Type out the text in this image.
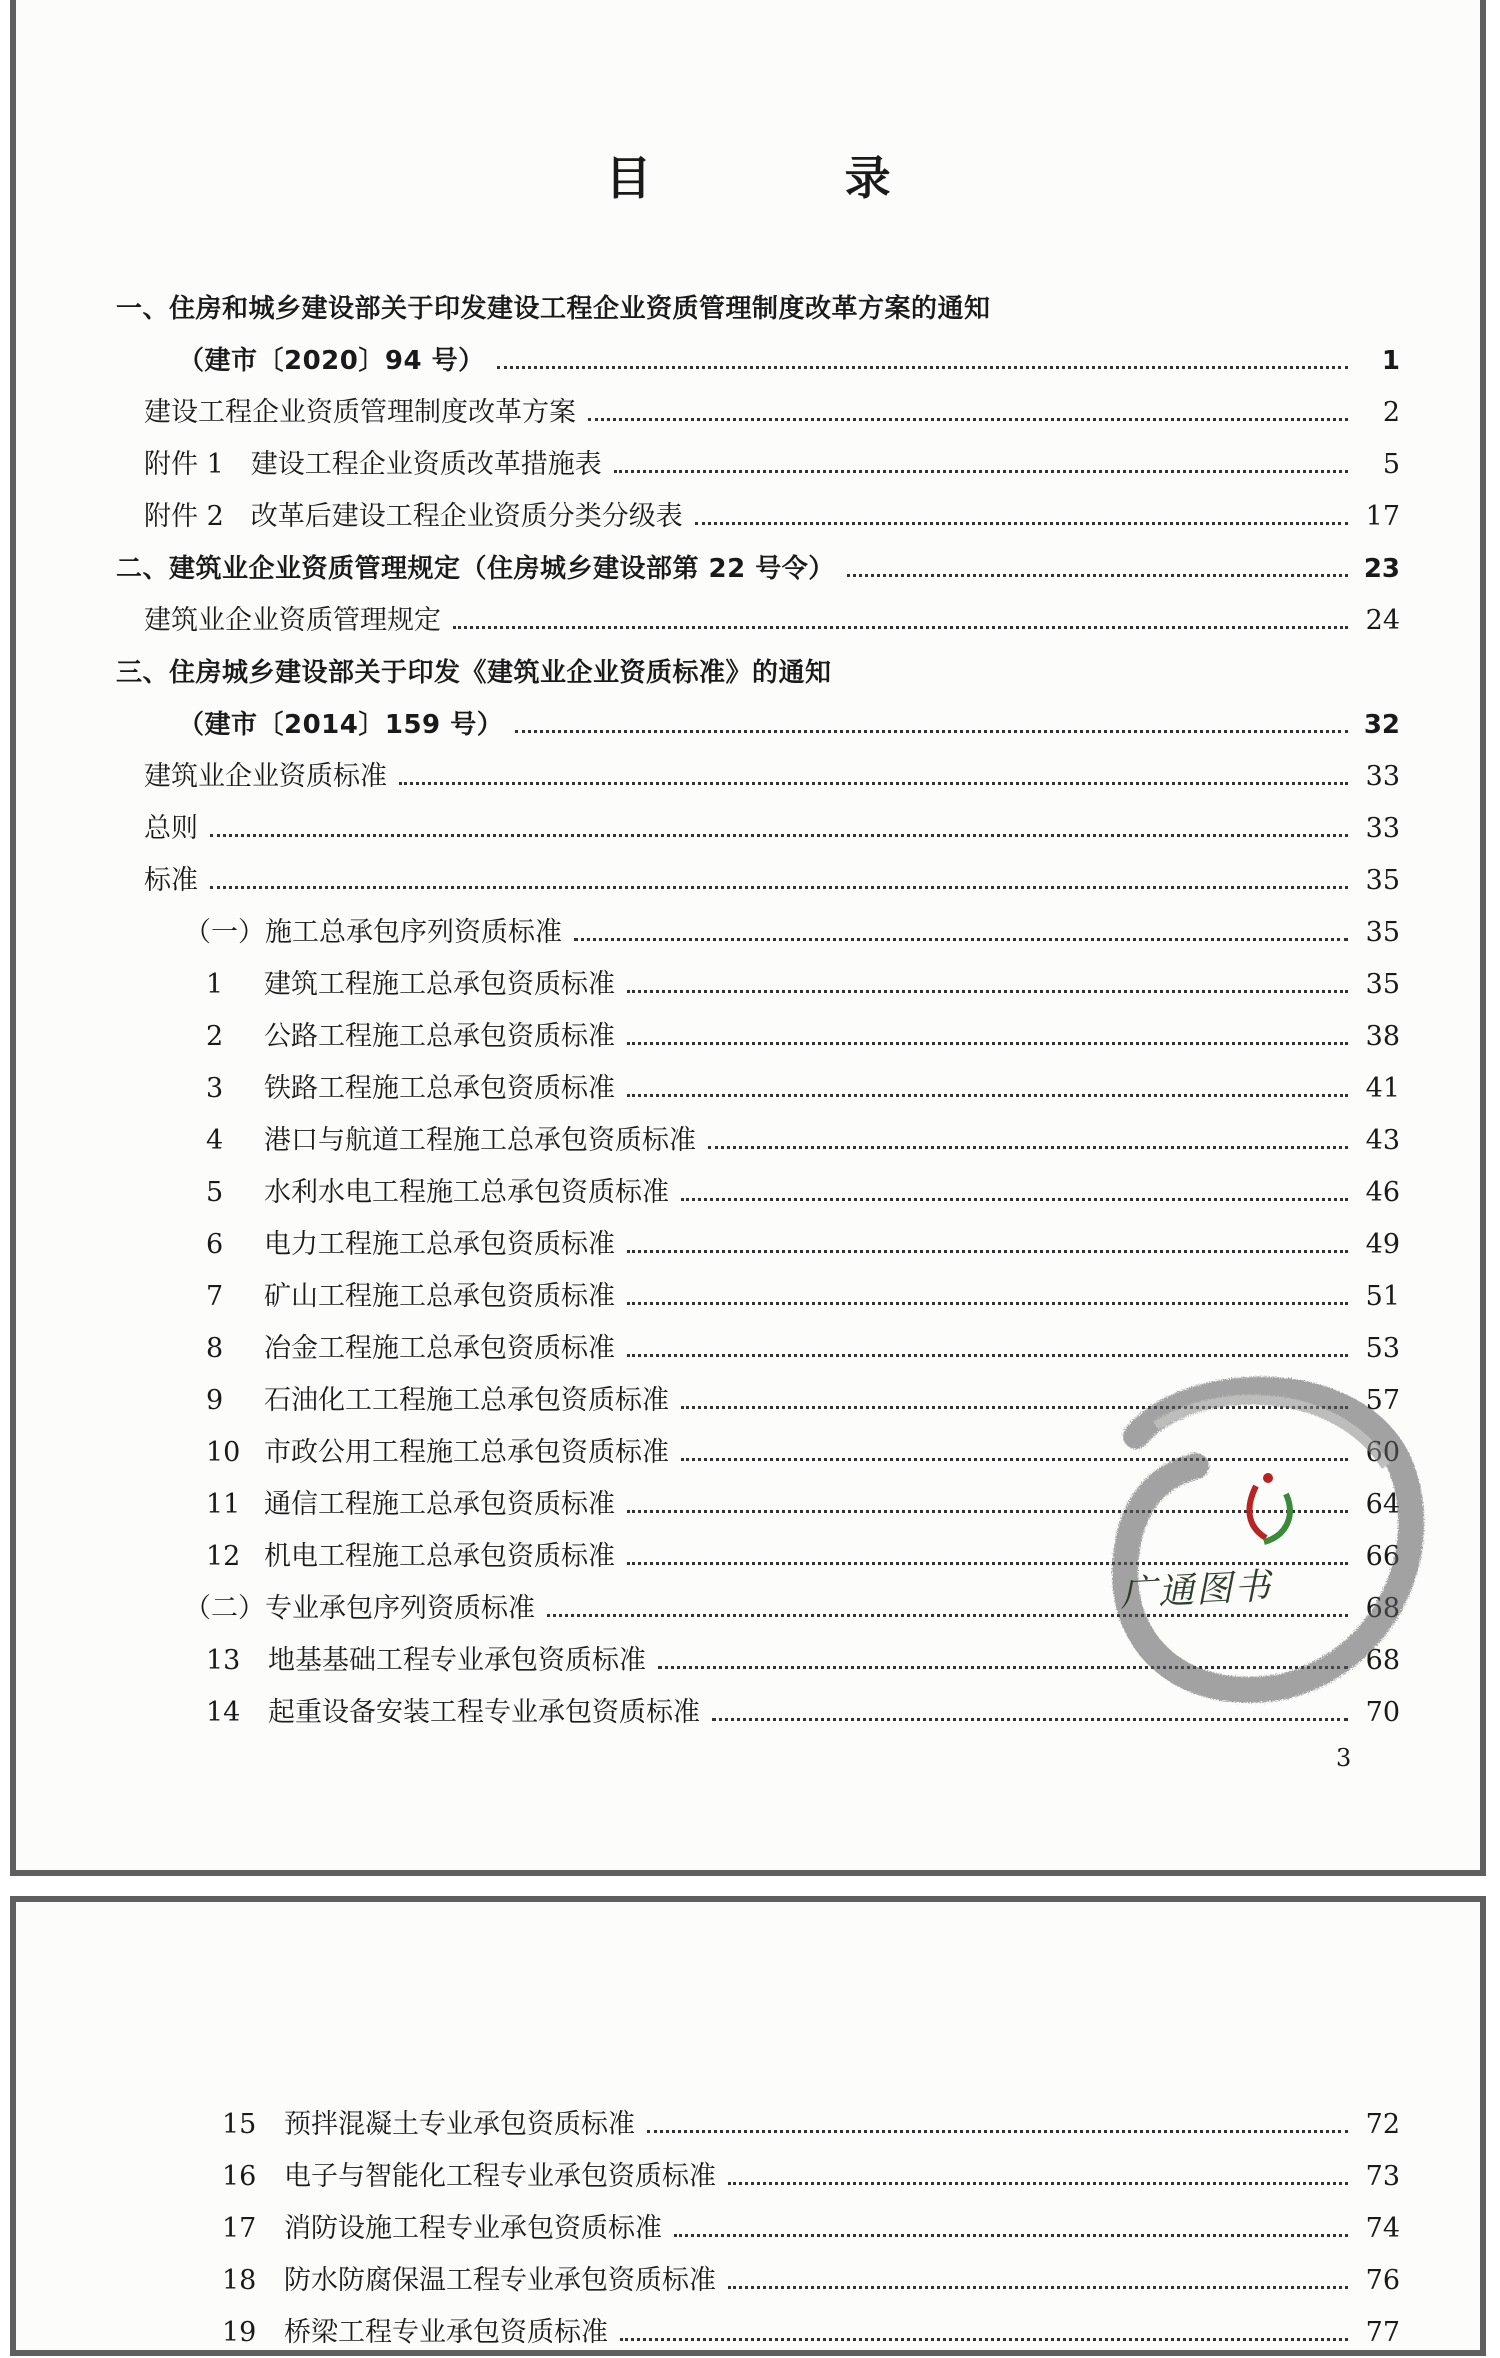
目　录
一、住房和城乡建设部关于印发建设工程企业资质管理制度改革方案的通知
（建市〔2020〕94 号）	1
建设工程企业资质管理制度改革方案	2
附件 1　建设工程企业资质改革措施表	5
附件 2　改革后建设工程企业资质分类分级表	17
二、建筑业企业资质管理规定（住房城乡建设部第 22 号令）	23
建筑业企业资质管理规定	24
三、住房城乡建设部关于印发《建筑业企业资质标准》的通知
（建市〔2014〕159 号）	32
建筑业企业资质标准	33
总则	33
标准	35
（一）施工总承包序列资质标准	35
1 建筑工程施工总承包资质标准	35
2 公路工程施工总承包资质标准	38
3 铁路工程施工总承包资质标准	41
4 港口与航道工程施工总承包资质标准	43
5 水利水电工程施工总承包资质标准	46
6 电力工程施工总承包资质标准	49
7 矿山工程施工总承包资质标准	51
8 冶金工程施工总承包资质标准	53
9 石油化工工程施工总承包资质标准	57
10 市政公用工程施工总承包资质标准	60
11 通信工程施工总承包资质标准	64
12 机电工程施工总承包资质标准	66
（二）专业承包序列资质标准	68
13 地基基础工程专业承包资质标准	68
14 起重设备安装工程专业承包资质标准	70
3
广通图书
15 预拌混凝土专业承包资质标准	72
16 电子与智能化工程专业承包资质标准	73
17 消防设施工程专业承包资质标准	74
18 防水防腐保温工程专业承包资质标准	76
19 桥梁工程专业承包资质标准	77
